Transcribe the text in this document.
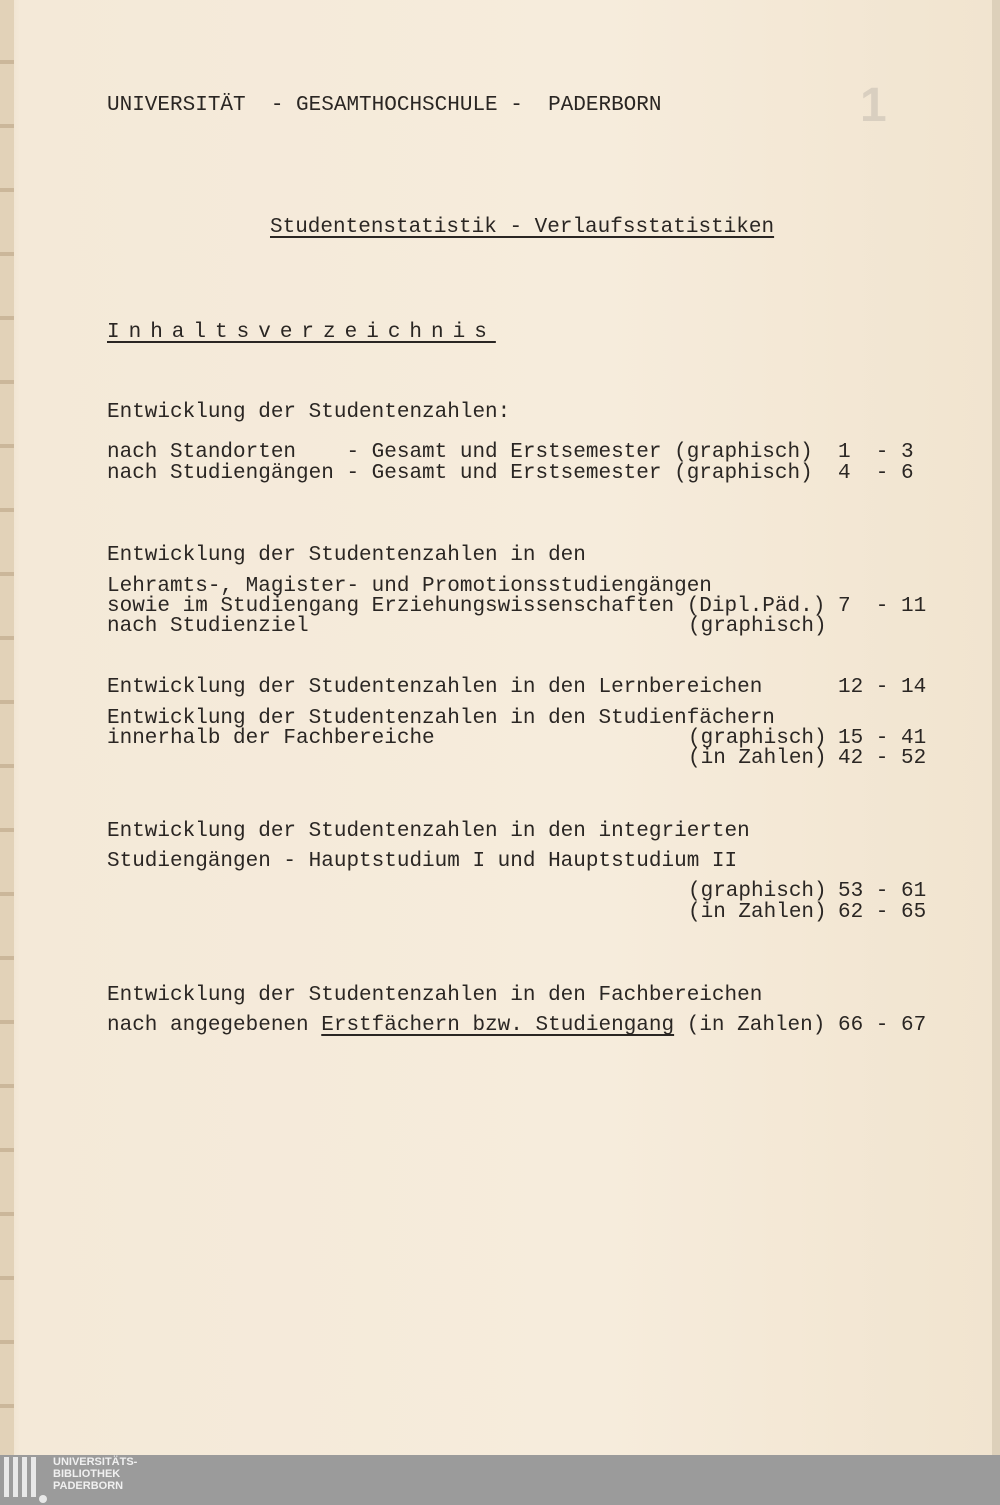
1
UNIVERSITÄT  - GESAMTHOCHSCHULE -  PADERBORN
Studentenstatistik - Verlaufsstatistiken
Inhaltsverzeichnis
Entwicklung der Studentenzahlen:
nach Standorten    - Gesamt und Erstsemester (graphisch) 1  - 3
nach Studiengängen - Gesamt und Erstsemester (graphisch) 4  - 6
Entwicklung der Studentenzahlen in den
Lehramts-, Magister- und Promotionsstudiengängen
sowie im Studiengang Erziehungswissenschaften (Dipl.Päd.) 7  - 11
nach Studienziel	(graphisch)
Entwicklung der Studentenzahlen in den Lernbereichen	12 - 14
Entwicklung der Studentenzahlen in den Studienfächern
innerhalb der Fachbereiche	(graphisch) 15 - 41
(in Zahlen) 42 - 52
Entwicklung der Studentenzahlen in den integrierten
Studiengängen - Hauptstudium I und Hauptstudium II
(graphisch) 53 - 61
(in Zahlen) 62 - 65
Entwicklung der Studentenzahlen in den Fachbereichen
nach angegebenen Erstfächern bzw. Studiengang (in Zahlen) 66 - 67
UNIVERSITÄTS-
BIBLIOTHEK
PADERBORN
